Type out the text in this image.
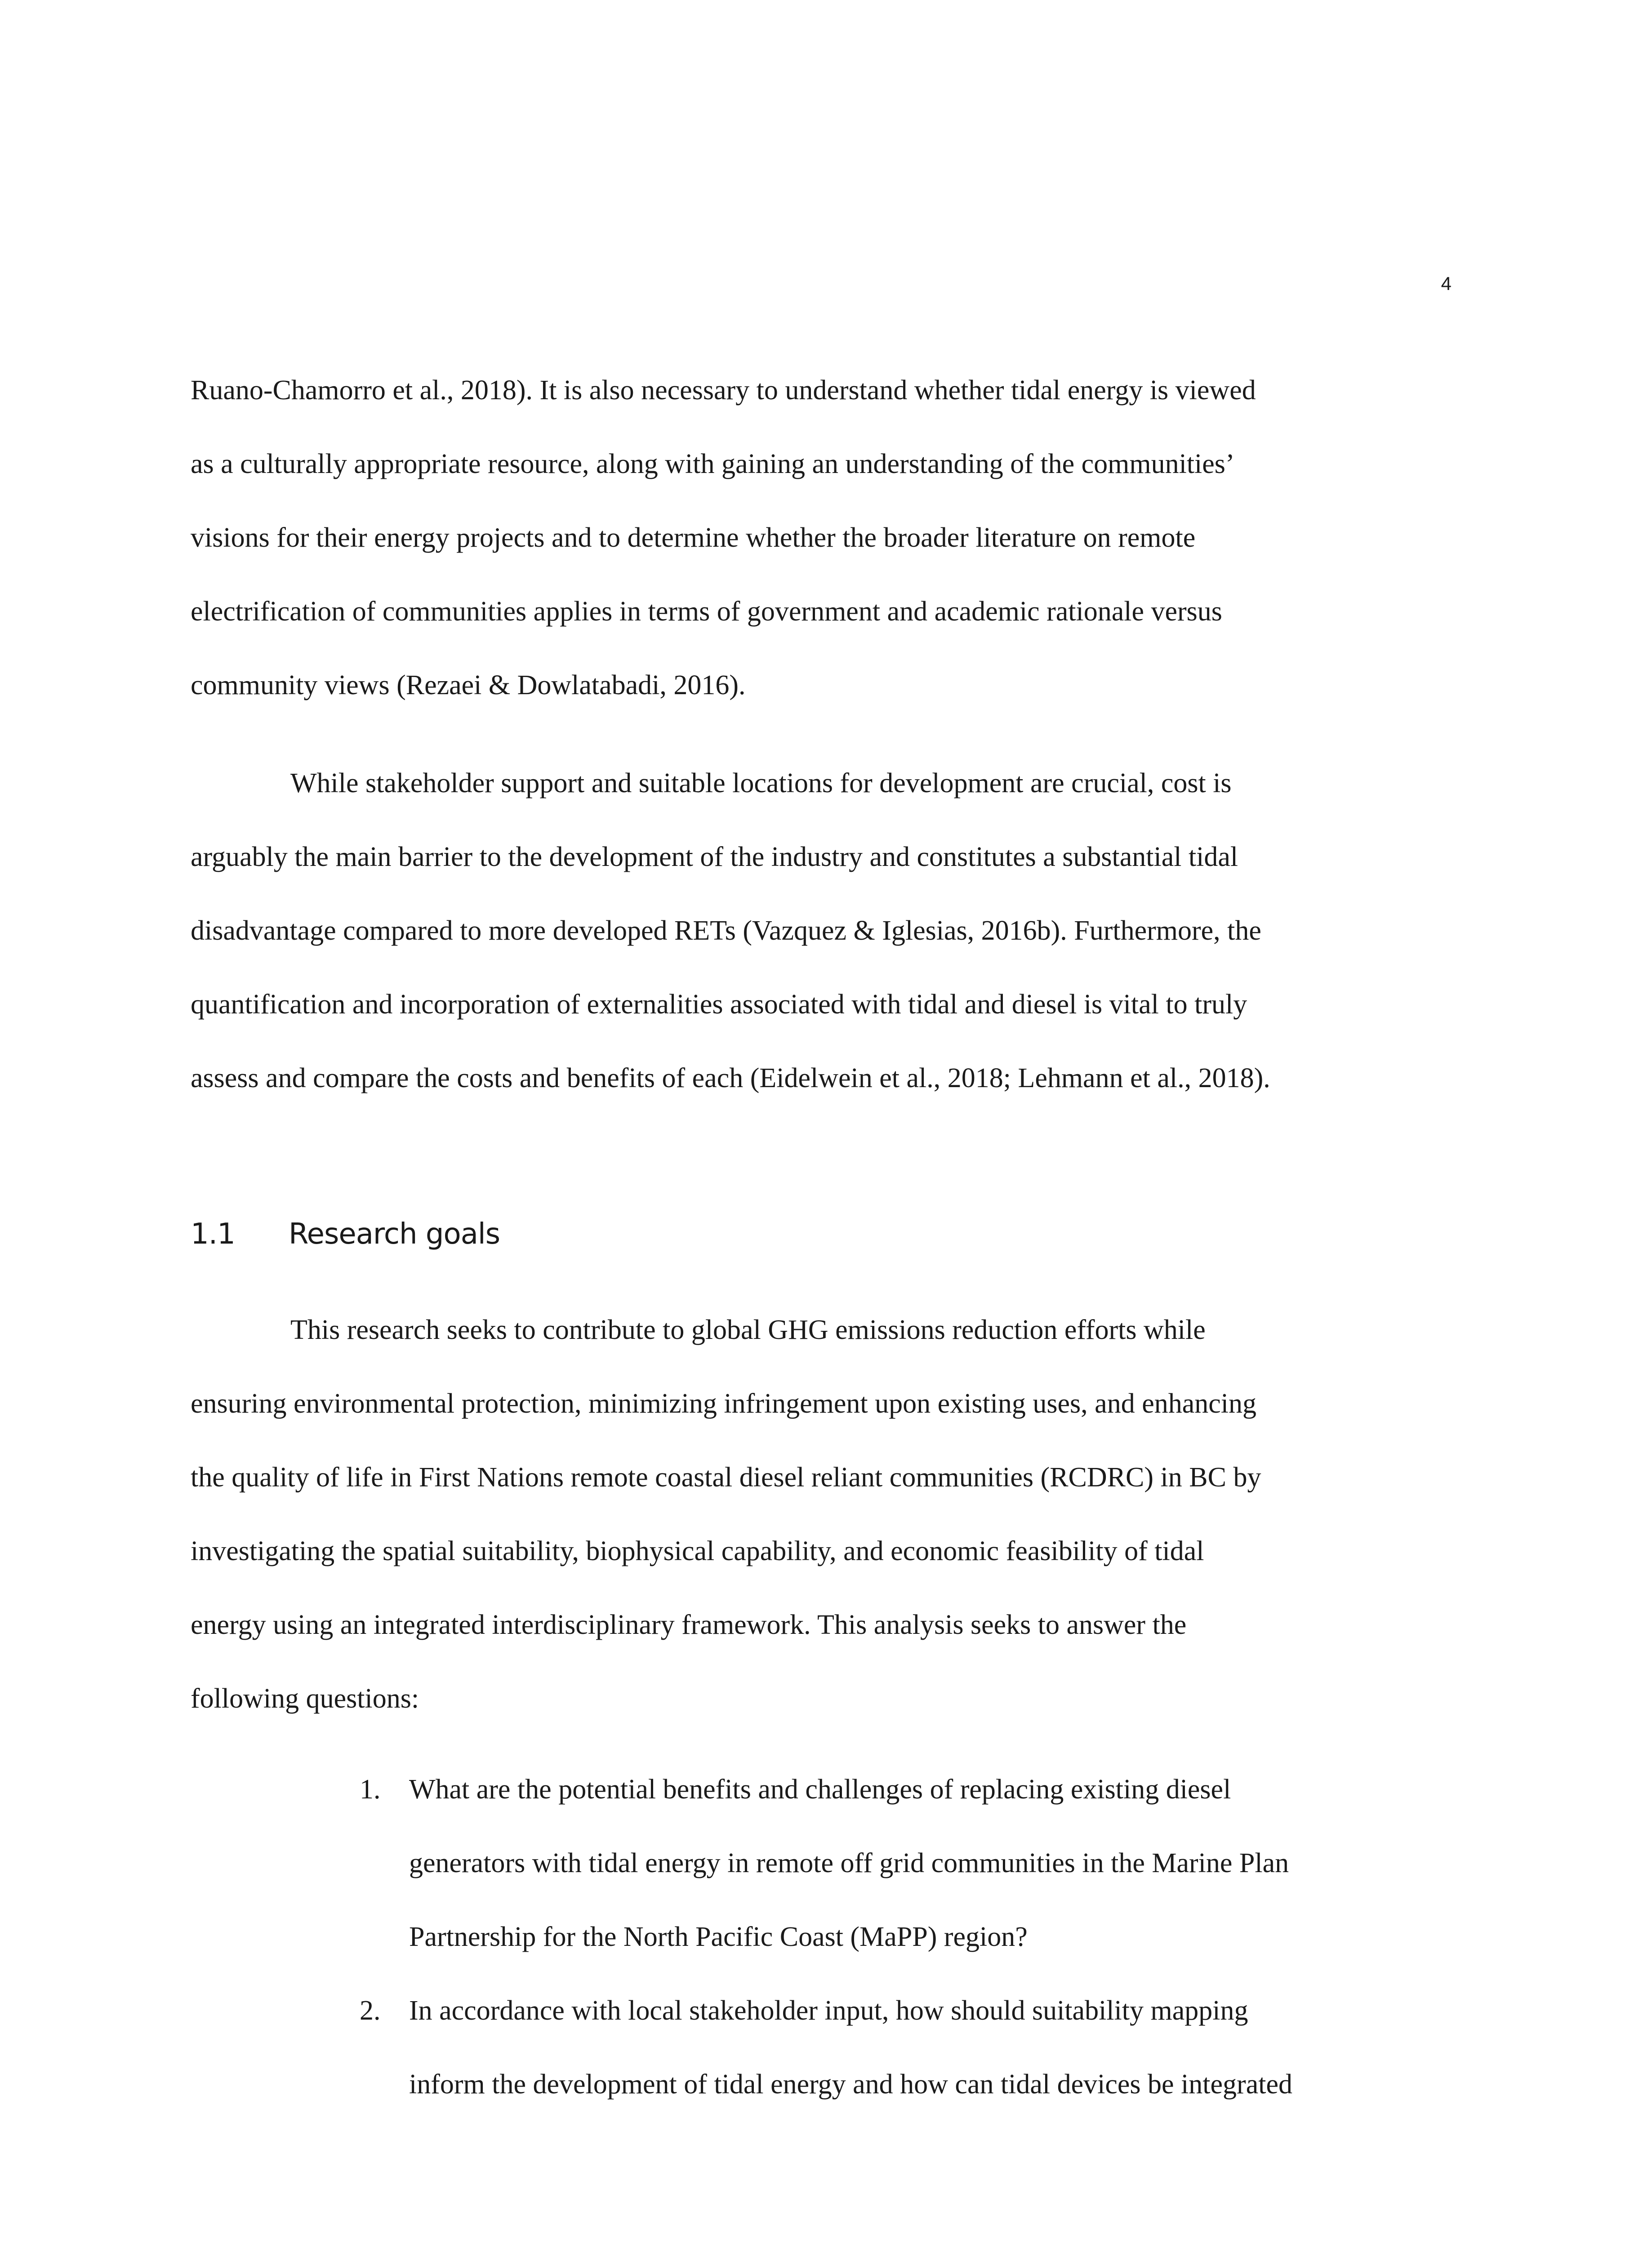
4

Ruano-Chamorro et al., 2018). It is also necessary to understand whether tidal energy is viewed
as a culturally appropriate resource, along with gaining an understanding of the communities’
visions for their energy projects and to determine whether the broader literature on remote
electrification of communities applies in terms of government and academic rationale versus
community views (Rezaei & Dowlatabadi, 2016).

While stakeholder support and suitable locations for development are crucial, cost is
arguably the main barrier to the development of the industry and constitutes a substantial tidal
disadvantage compared to more developed RETs (Vazquez & Iglesias, 2016b). Furthermore, the
quantification and incorporation of externalities associated with tidal and diesel is vital to truly
assess and compare the costs and benefits of each (Eidelwein et al., 2018; Lehmann et al., 2018).

1.1	Research goals

This research seeks to contribute to global GHG emissions reduction efforts while
ensuring environmental protection, minimizing infringement upon existing uses, and enhancing
the quality of life in First Nations remote coastal diesel reliant communities (RCDRC) in BC by
investigating the spatial suitability, biophysical capability, and economic feasibility of tidal
energy using an integrated interdisciplinary framework. This analysis seeks to answer the
following questions:

1.	What are the potential benefits and challenges of replacing existing diesel
generators with tidal energy in remote off grid communities in the Marine Plan
Partnership for the North Pacific Coast (MaPP) region?
2.	In accordance with local stakeholder input, how should suitability mapping
inform the development of tidal energy and how can tidal devices be integrated
